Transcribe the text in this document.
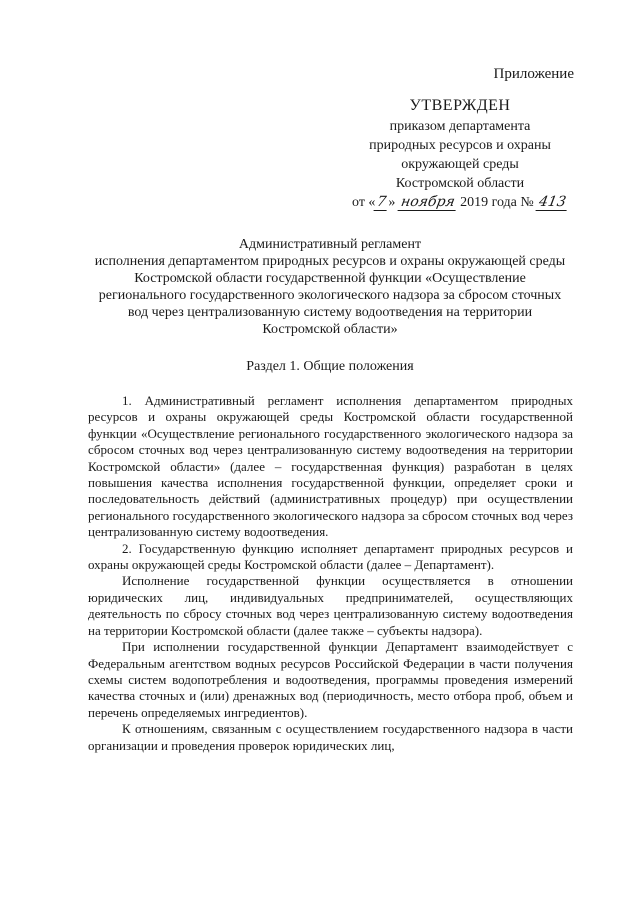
Приложение
УТВЕРЖДЕН
приказом департамента
природных ресурсов и охраны
окружающей среды
Костромской области
от «7» ноября 2019 года № 413
Административный регламент
исполнения департаментом природных ресурсов и охраны окружающей среды Костромской области государственной функции «Осуществление регионального государственного экологического надзора за сбросом сточных вод через централизованную систему водоотведения на территории Костромской области»
Раздел 1. Общие положения

1. Административный регламент исполнения департаментом природных ресурсов и охраны окружающей среды Костромской области государственной функции «Осуществление регионального государственного экологического надзора за сбросом сточных вод через централизованную систему водоотведения на территории Костромской области» (далее – государственная функция) разработан в целях повышения качества исполнения государственной функции, определяет сроки и последовательность действий (административных процедур) при осуществлении регионального государственного экологического надзора за сбросом сточных вод через централизованную систему водоотведения.

2. Государственную функцию исполняет департамент природных ресурсов и охраны окружающей среды Костромской области (далее – Департамент).

Исполнение государственной функции осуществляется в отношении юридических лиц, индивидуальных предпринимателей, осуществляющих деятельность по сбросу сточных вод через централизованную систему водоотведения на территории Костромской области (далее также – субъекты надзора).

При исполнении государственной функции Департамент взаимодействует с Федеральным агентством водных ресурсов Российской Федерации в части получения схемы систем водопотребления и водоотведения, программы проведения измерений качества сточных и (или) дренажных вод (периодичность, место отбора проб, объем и перечень определяемых ингредиентов).

К отношениям, связанным с осуществлением государственного надзора в части организации и проведения проверок юридических лиц,
